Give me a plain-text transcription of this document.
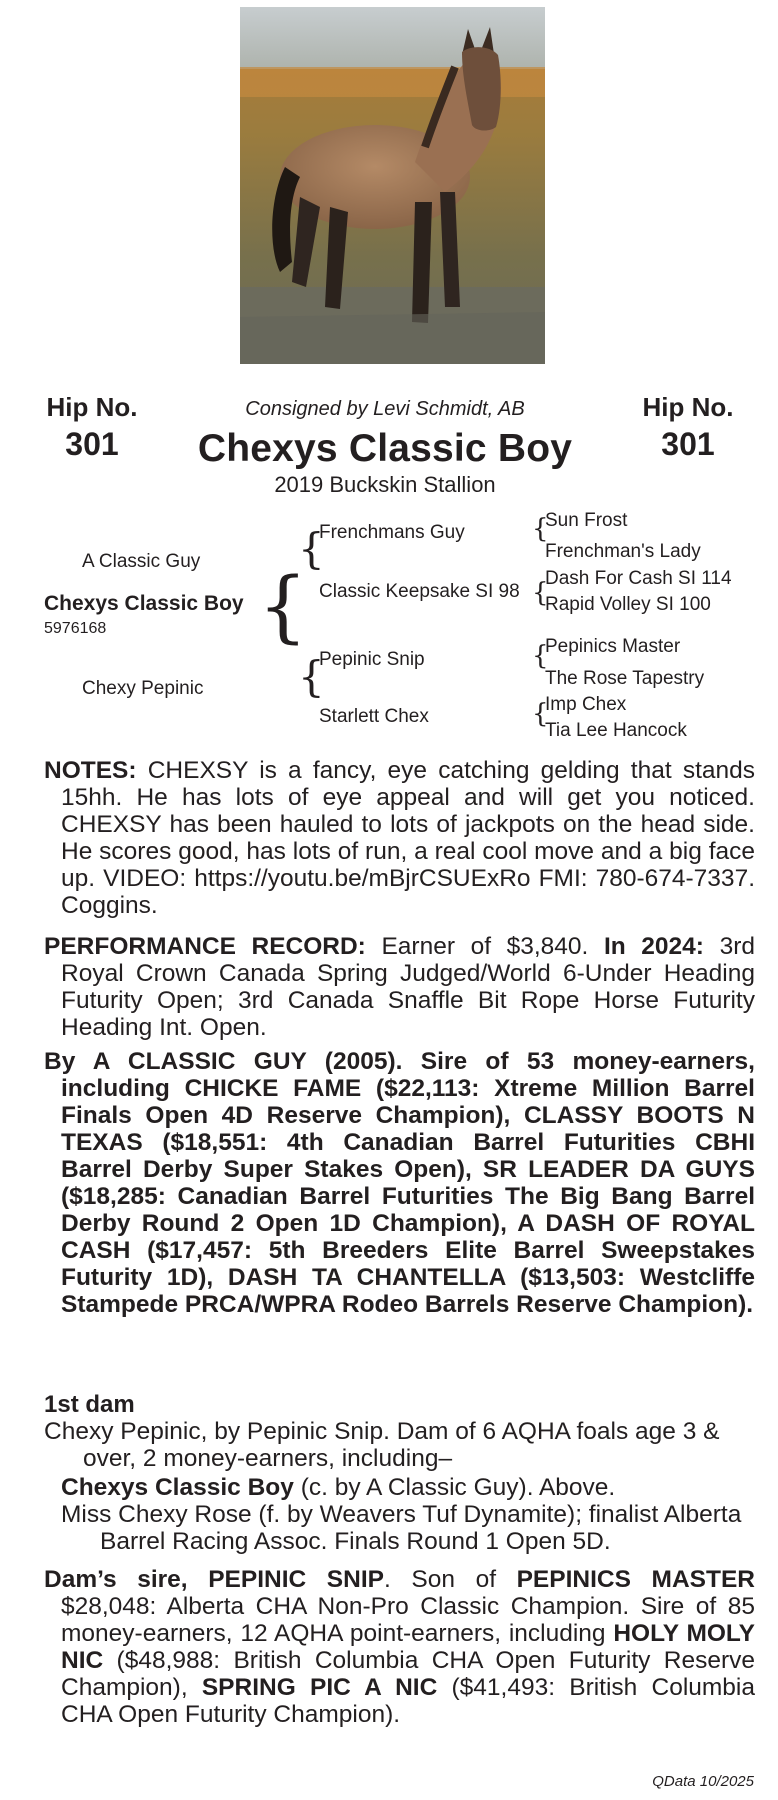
Hip No.
301
Hip No.
301
Consigned by Levi Schmidt, AB
Chexys Classic Boy
2019 Buckskin Stallion
A Classic Guy
Chexys Classic Boy
5976168
Chexy Pepinic
{
{
{
Frenchmans Guy
Classic Keepsake SI 98
Pepinic Snip
Starlett Chex
{
{
{
{
Sun Frost
Frenchman's Lady
Dash For Cash SI 114
Rapid Volley SI 100
Pepinics Master
The Rose Tapestry
Imp Chex
Tia Lee Hancock

NOTES: CHEXSY is a fancy, eye catching gelding that stands 15hh. He has lots of eye appeal and will get you noticed. CHEXSY has been hauled to lots of jackpots on the head side. He scores good, has lots of run, a real cool move and a big face up. VIDEO: https://youtu.be/mBjrCSUExRo FMI: 780-674-7337. Coggins.

PERFORMANCE RECORD: Earner of $3,840. In 2024: 3rd Royal Crown Canada Spring Judged/World 6-Under Heading Futurity Open; 3rd Canada Snaffle Bit Rope Horse Futurity Heading Int. Open.

By A CLASSIC GUY (2005). Sire of 53 money-earners, including CHICKE FAME ($22,113: Xtreme Million Barrel Finals Open 4D Reserve Champion), CLASSY BOOTS N TEXAS ($18,551: 4th Canadian Barrel Futurities CBHI Barrel Derby Super Stakes Open), SR LEADER DA GUYS ($18,285: Canadian Barrel Futurities The Big Bang Barrel Derby Round 2 Open 1D Champion), A DASH OF ROYAL CASH ($17,457: 5th Breeders Elite Barrel Sweepstakes Futurity 1D), DASH TA CHANTELLA ($13,503: Westcliffe Stampede PRCA/WPRA Rodeo Barrels Reserve Champion).

1st dam

Chexy Pepinic, by Pepinic Snip. Dam of 6 AQHA foals age 3 & over, 2 money-earners, including–

Chexys Classic Boy (c. by A Classic Guy). Above.

Miss Chexy Rose (f. by Weavers Tuf Dynamite); finalist Alberta Barrel Racing Assoc. Finals Round 1 Open 5D.

Dam’s sire, PEPINIC SNIP. Son of PEPINICS MASTER $28,048: Alberta CHA Non-Pro Classic Champion. Sire of 85 money-earners, 12 AQHA point-earners, including HOLY MOLY NIC ($48,988: British Columbia CHA Open Futurity Reserve Champion), SPRING PIC A NIC ($41,493: British Columbia CHA Open Futurity Champion).

QData 10/2025
